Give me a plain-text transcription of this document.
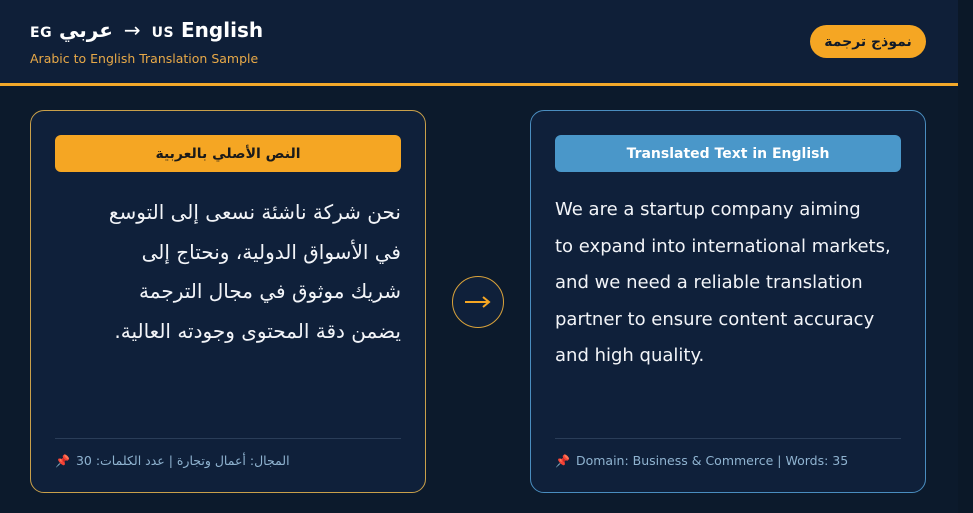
EG عربي → US English
Arabic to English Translation Sample
نموذج ترجمة
النص الأصلي بالعربية
نحن شركة ناشئة نسعى إلى التوسع
في الأسواق الدولية، ونحتاج إلى
شريك موثوق في مجال الترجمة
يضمن دقة المحتوى وجودته العالية.
📌 المجال: أعمال وتجارة | عدد الكلمات: 30
Translated Text in English
We are a startup company aiming
to expand into international markets,
and we need a reliable translation
partner to ensure content accuracy
and high quality.
📌 Domain: Business & Commerce | Words: 35
